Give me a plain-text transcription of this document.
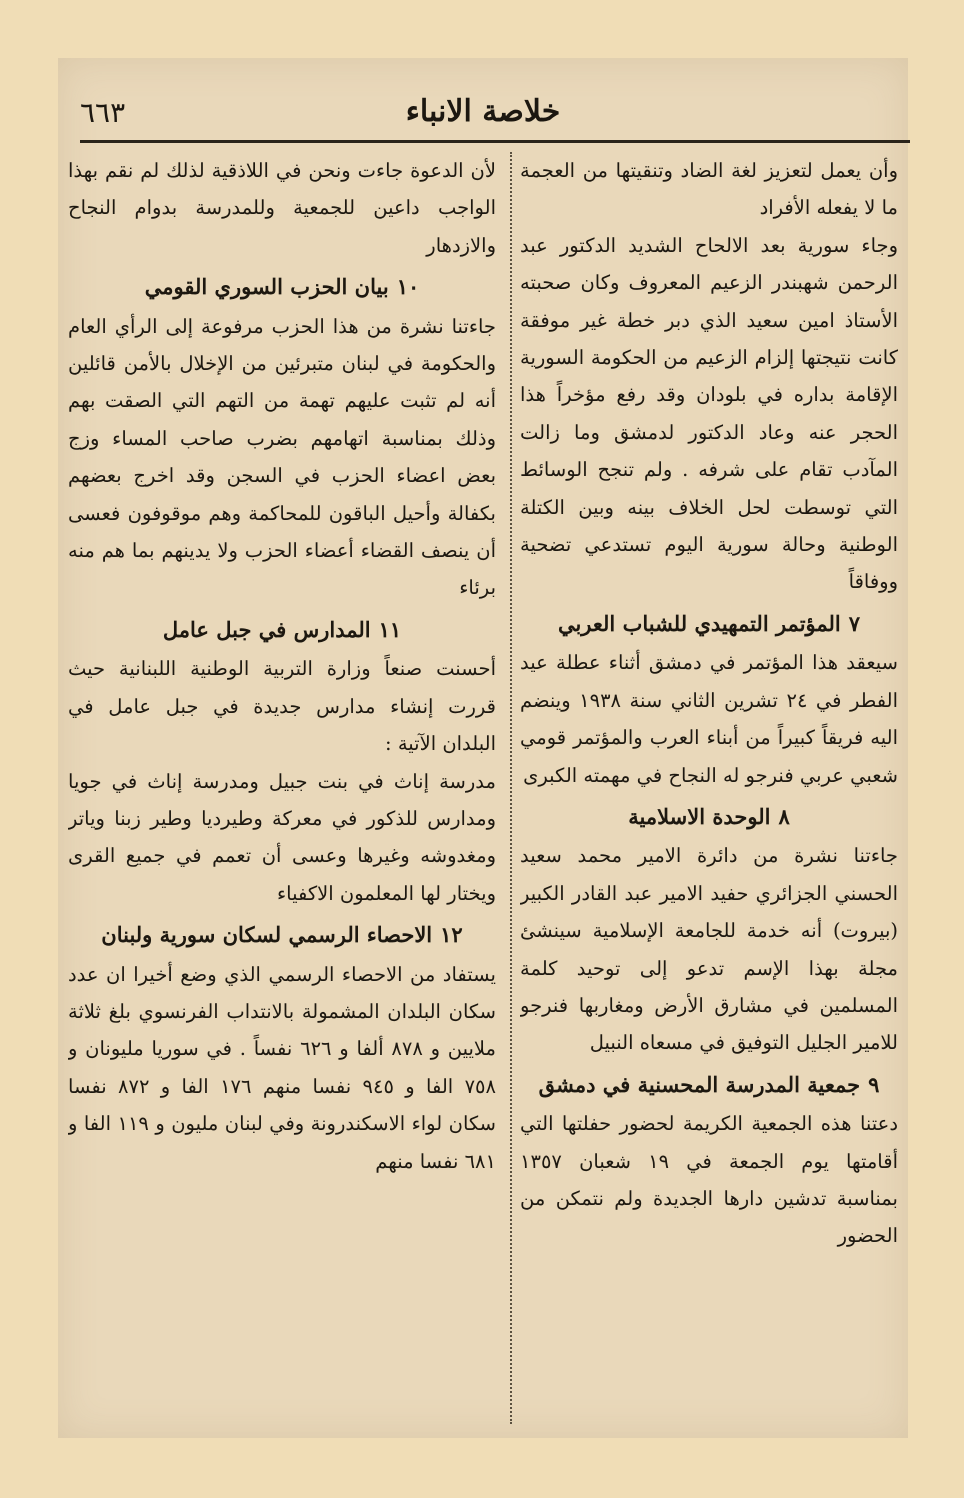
خلاصة الانباء
٦٦٣

وأن يعمل لتعزيز لغة الضاد وتنقيتها من العجمة ما لا يفعله الأفراد

وجاء سورية بعد الالحاح الشديد الدكتور عبد الرحمن شهبندر الزعيم المعروف وكان صحبته الأستاذ امين سعيد الذي دبر خطة غير موفقة كانت نتيجتها إلزام الزعيم من الحكومة السورية الإقامة بداره في بلودان وقد رفع مؤخراً هذا الحجر عنه وعاد الدكتور لدمشق وما زالت المآدب تقام على شرفه . ولم تنجح الوسائط التي توسطت لحل الخلاف بينه وبين الكتلة الوطنية وحالة سورية اليوم تستدعي تضحية ووفاقاً

٧المؤتمر التمهيدي للشباب العربي

سيعقد هذا المؤتمر في دمشق أثناء عطلة عيد الفطر في ٢٤ تشرين الثاني سنة ١٩٣٨ وينضم اليه فريقاً كبيراً من أبناء العرب والمؤتمر قومي شعبي عربي فنرجو له النجاح في مهمته الكبرى

٨الوحدة الاسلامية

جاءتنا نشرة من دائرة الامير محمد سعيد الحسني الجزائري حفيد الامير عبد القادر الكبير (بيروت) أنه خدمة للجامعة الإسلامية سينشئ مجلة بهذا الإسم تدعو إلى توحيد كلمة المسلمين في مشارق الأرض ومغاربها فنرجو للامير الجليل التوفيق في مسعاه النبيل

٩جمعية المدرسة المحسنية في دمشق

دعتنا هذه الجمعية الكريمة لحضور حفلتها التي أقامتها يوم الجمعة في ١٩ شعبان ١٣٥٧ بمناسبة تدشين دارها الجديدة ولم نتمكن من الحضور

لأن الدعوة جاءت ونحن في اللاذقية لذلك لم نقم بهذا الواجب داعين للجمعية وللمدرسة بدوام النجاح والازدهار

١٠بيان الحزب السوري القومي

جاءتنا نشرة من هذا الحزب مرفوعة إلى الرأي العام والحكومة في لبنان متبرئين من الإخلال بالأمن قائلين أنه لم تثبت عليهم تهمة من التهم التي الصقت بهم وذلك بمناسبة اتهامهم بضرب صاحب المساء وزج بعض اعضاء الحزب في السجن وقد اخرج بعضهم بكفالة وأحيل الباقون للمحاكمة وهم موقوفون فعسى أن ينصف القضاء أعضاء الحزب ولا يدينهم بما هم منه برئاء

١١المدارس في جبل عامل

أحسنت صنعاً وزارة التربية الوطنية اللبنانية حيث قررت إنشاء مدارس جديدة في جبل عامل في البلدان الآتية :

مدرسة إناث في بنت جبيل ومدرسة إناث في جويا ومدارس للذكور في معركة وطيرديا وطير زبنا وياتر ومغدوشه وغيرها وعسى أن تعمم في جميع القرى ويختار لها المعلمون الاكفياء

١٢الاحصاء الرسمي لسكان سورية ولبنان

يستفاد من الاحصاء الرسمي الذي وضع أخيرا ان عدد سكان البلدان المشمولة بالانتداب الفرنسوي بلغ ثلاثة ملايين و ٨٧٨ ألفا و ٦٢٦ نفساً . في سوريا مليونان و ٧٥٨ الفا و ٩٤٥ نفسا منهم ١٧٦ الفا و ٨٧٢ نفسا سكان لواء الاسكندرونة وفي لبنان مليون و ١١٩ الفا و ٦٨١ نفسا منهم
